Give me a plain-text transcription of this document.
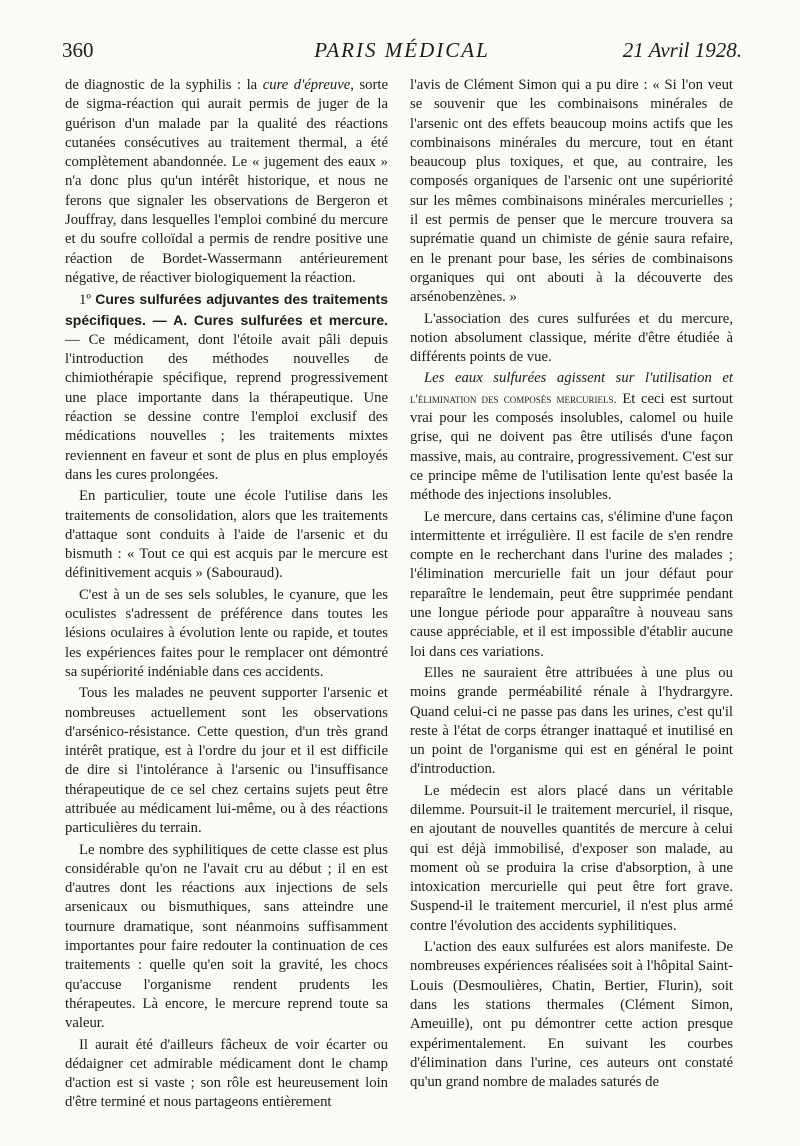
360	PARIS MÉDICAL	21 Avril 1928.

de diagnostic de la syphilis : la cure d'épreuve, sorte de sigma-réaction qui aurait permis de juger de la guérison d'un malade par la qualité des réactions cutanées consécutives au traitement thermal, a été complètement abandonnée. Le « jugement des eaux » n'a donc plus qu'un intérêt historique, et nous ne ferons que signaler les observations de Bergeron et Jouffray, dans lesquelles l'emploi combiné du mercure et du soufre colloïdal a permis de rendre positive une réaction de Bordet-Wassermann antérieurement négative, de réactiver biologiquement la réaction.

1º Cures sulfurées adjuvantes des traitements spécifiques. — A. Cures sulfurées et mercure. — Ce médicament, dont l'étoile avait pâli depuis l'introduction des méthodes nouvelles de chimiothérapie spécifique, reprend progressivement une place importante dans la thérapeutique. Une réaction se dessine contre l'emploi exclusif des médications nouvelles ; les traitements mixtes reviennent en faveur et sont de plus en plus employés dans les cures prolongées.

En particulier, toute une école l'utilise dans les traitements de consolidation, alors que les traitements d'attaque sont conduits à l'aide de l'arsenic et du bismuth : « Tout ce qui est acquis par le mercure est définitivement acquis » (Sabouraud).

C'est à un de ses sels solubles, le cyanure, que les oculistes s'adressent de préférence dans toutes les lésions oculaires à évolution lente ou rapide, et toutes les expériences faites pour le remplacer ont démontré sa supériorité indéniable dans ces accidents.

Tous les malades ne peuvent supporter l'arsenic et nombreuses actuellement sont les observations d'arsénico-résistance. Cette question, d'un très grand intérêt pratique, est à l'ordre du jour et il est difficile de dire si l'intolérance à l'arsenic ou l'insuffisance thérapeutique de ce sel chez certains sujets peut être attribuée au médicament lui-même, ou à des réactions particulières du terrain.

Le nombre des syphilitiques de cette classe est plus considérable qu'on ne l'avait cru au début ; il en est d'autres dont les réactions aux injections de sels arsenicaux ou bismuthiques, sans atteindre une tournure dramatique, sont néanmoins suffisamment importantes pour faire redouter la continuation de ces traitements : quelle qu'en soit la gravité, les chocs qu'accuse l'organisme rendent prudents les thérapeutes. Là encore, le mercure reprend toute sa valeur.

Il aurait été d'ailleurs fâcheux de voir écarter ou dédaigner cet admirable médicament dont le champ d'action est si vaste ; son rôle est heureusement loin d'être terminé et nous partageons entièrement

l'avis de Clément Simon qui a pu dire : « Si l'on veut se souvenir que les combinaisons minérales de l'arsenic ont des effets beaucoup moins actifs que les combinaisons minérales du mercure, tout en étant beaucoup plus toxiques, et que, au contraire, les composés organiques de l'arsenic ont une supériorité sur les mêmes combinaisons minérales mercurielles ; il est permis de penser que le mercure trouvera sa suprématie quand un chimiste de génie saura refaire, en le prenant pour base, les séries de combinaisons organiques qui ont abouti à la découverte des arsénobenzènes. »

L'association des cures sulfurées et du mercure, notion absolument classique, mérite d'être étudiée à différents points de vue.

Les eaux sulfurées agissent sur l'utilisation et l'élimination des composés mercuriels. Et ceci est surtout vrai pour les composés insolubles, calomel ou huile grise, qui ne doivent pas être utilisés d'une façon massive, mais, au contraire, progressivement. C'est sur ce principe même de l'utilisation lente qu'est basée la méthode des injections insolubles.

Le mercure, dans certains cas, s'élimine d'une façon intermittente et irrégulière. Il est facile de s'en rendre compte en le recherchant dans l'urine des malades ; l'élimination mercurielle fait un jour défaut pour reparaître le lendemain, peut être supprimée pendant une longue période pour apparaître à nouveau sans cause appréciable, et il est impossible d'établir aucune loi dans ces variations.

Elles ne sauraient être attribuées à une plus ou moins grande perméabilité rénale à l'hydrargyre. Quand celui-ci ne passe pas dans les urines, c'est qu'il reste à l'état de corps étranger inattaqué et inutilisé en un point de l'organisme qui est en général le point d'introduction.

Le médecin est alors placé dans un véritable dilemme. Poursuit-il le traitement mercuriel, il risque, en ajoutant de nouvelles quantités de mercure à celui qui est déjà immobilisé, d'exposer son malade, au moment où se produira la crise d'absorption, à une intoxication mercurielle qui peut être fort grave. Suspend-il le traitement mercuriel, il n'est plus armé contre l'évolution des accidents syphilitiques.

L'action des eaux sulfurées est alors manifeste. De nombreuses expériences réalisées soit à l'hôpital Saint-Louis (Desmoulières, Chatin, Bertier, Flurin), soit dans les stations thermales (Clément Simon, Ameuille), ont pu démontrer cette action presque expérimentalement. En suivant les courbes d'élimination dans l'urine, ces auteurs ont constaté qu'un grand nombre de malades saturés de
